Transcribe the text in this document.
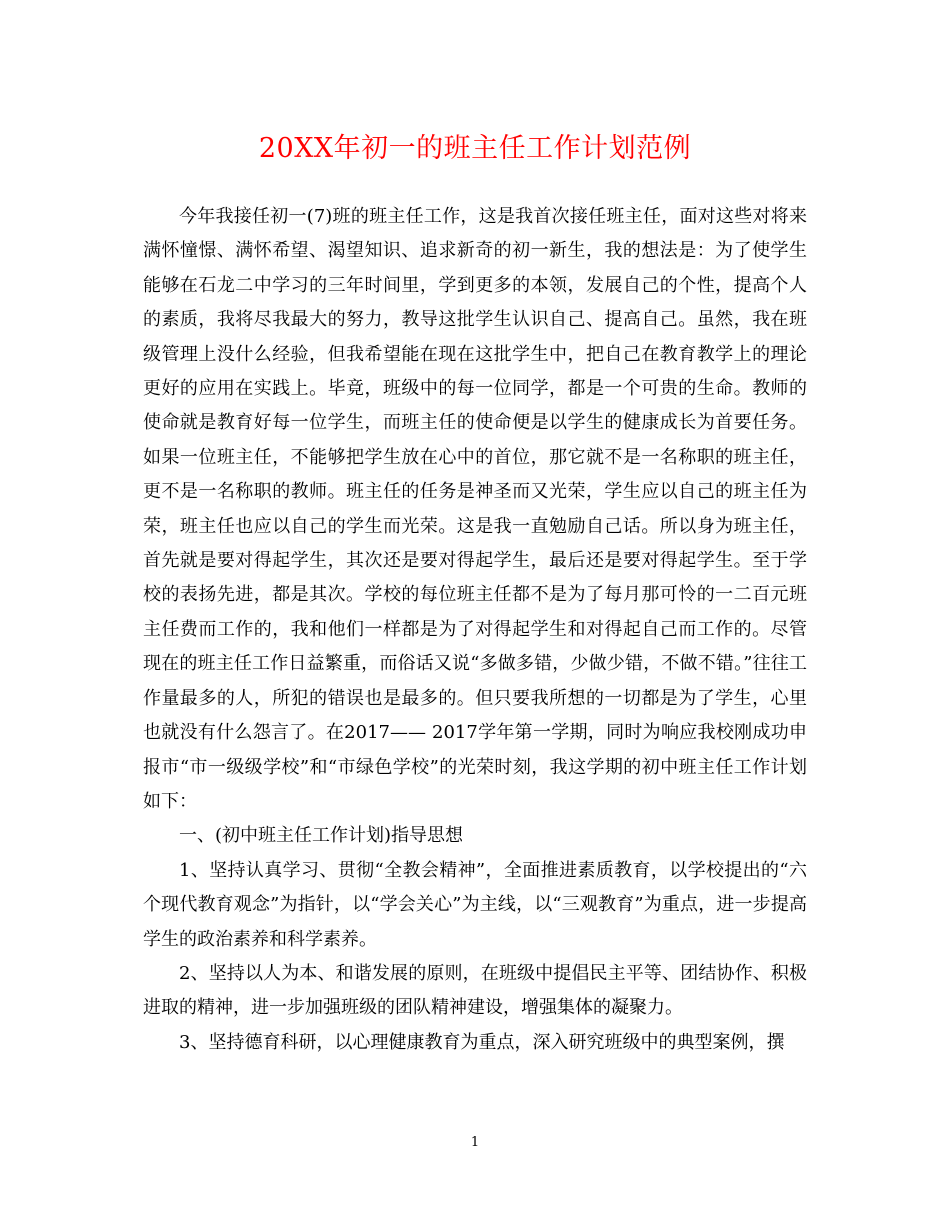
20XX年初一的班主任工作计划范例

今年我接任初一(7)班的班主任工作，这是我首次接任班主任，面对这些对将来满怀憧憬、满怀希望、渴望知识、追求新奇的初一新生，我的想法是：为了使学生能够在石龙二中学习的三年时间里，学到更多的本领，发展自己的个性，提高个人的素质，我将尽我最大的努力，教导这批学生认识自己、提高自己。虽然，我在班级管理上没什么经验，但我希望能在现在这批学生中，把自己在教育教学上的理论更好的应用在实践上。毕竟，班级中的每一位同学，都是一个可贵的生命。教师的使命就是教育好每一位学生，而班主任的使命便是以学生的健康成长为首要任务。如果一位班主任，不能够把学生放在心中的首位，那它就不是一名称职的班主任，更不是一名称职的教师。班主任的任务是神圣而又光荣，学生应以自己的班主任为荣，班主任也应以自己的学生而光荣。这是我一直勉励自己话。所以身为班主任，首先就是要对得起学生，其次还是要对得起学生，最后还是要对得起学生。至于学校的表扬先进，都是其次。学校的每位班主任都不是为了每月那可怜的一二百元班主任费而工作的，我和他们一样都是为了对得起学生和对得起自己而工作的。尽管现在的班主任工作日益繁重，而俗话又说“多做多错，少做少错，不做不错。”往往工作量最多的人，所犯的错误也是最多的。但只要我所想的一切都是为了学生，心里也就没有什么怨言了。在2017—— 2017学年第一学期，同时为响应我校刚成功申报市“市一级级学校”和“市绿色学校”的光荣时刻，我这学期的初中班主任工作计划如下：

一、(初中班主任工作计划)指导思想

1、坚持认真学习、贯彻“全教会精神”，全面推进素质教育，以学校提出的“六个现代教育观念”为指针，以“学会关心”为主线，以“三观教育”为重点，进一步提高学生的政治素养和科学素养。

2、坚持以人为本、和谐发展的原则，在班级中提倡民主平等、团结协作、积极进取的精神，进一步加强班级的团队精神建设，增强集体的凝聚力。

3、坚持德育科研，以心理健康教育为重点，深入研究班级中的典型案例，撰

1
